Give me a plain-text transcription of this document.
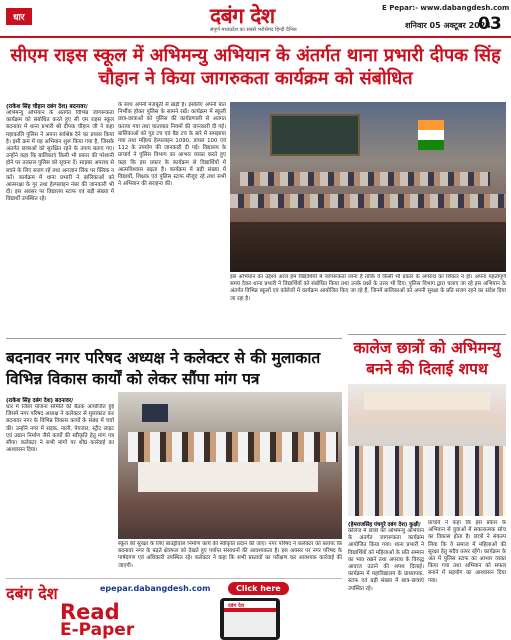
धार	दबंग देश
संपूर्ण मध्यप्रदेश का सबसे भरोसेमंद हिन्दी दैनिक
E Pepar:- www.dabangdesh.com
शनिवार 05 अक्टूबर 2024
03
सीएम राइस स्कूल में अभिमन्यु अभियान के अंतर्गत थाना प्रभारी दीपक सिंह चौहान ने किया जागरुकता कार्यक्रम को संबोधित
(राकेश सिंह चौहान दबंग देश) बदनावर/
अभिमन्यु अभियान के अंतर्गत विभिन्न जागरूकता कार्यक्रम को संबोधित करते हुए सी एम राइस स्कूल बदनावर में थाना प्रभारी श्री दीपक चौहान जी ने कहा महाकालि पुलिस ने अपना सर्वश्रेष्ठ देने का प्रयास किया है। इसी क्रम में यह अभियान शुरू किया गया है, जिसके अंतर्गत छात्राओं को सुरक्षित रहने के उपाय बताए गए। उन्होंने कहा कि बालिकाएं किसी भी प्रकार की परेशानी होने पर तत्काल पुलिस को सूचना दें। साइबर अपराध से बचने के लिए सजग रहें तथा अनजान लिंक पर क्लिक न करें। कार्यक्रम में थाना प्रभारी ने बालिकाओं को आत्मरक्षा के गुर तथा हेल्पलाइन नंबर की जानकारी भी दी। इस अवसर पर विद्यालय स्टाफ एवं बड़ी संख्या में विद्यार्थी उपस्थित रहे।
के साथ अपनी मजबूती से खड़ी है। इसलिए अपनी बात निर्भीक होकर पुलिस के सामने रखें। कार्यक्रम में स्कूली छात्र-छात्राओं को पुलिस की कार्यप्रणाली से अवगत कराया गया तथा यातायात नियमों की जानकारी दी गई। बालिकाओं को गुड टच एवं बैड टच के बारे में समझाया गया तथा महिला हेल्पलाइन 1090, डायल 100 एवं 112 के उपयोग की जानकारी दी गई। विद्यालय के प्राचार्य ने पुलिस विभाग का आभार व्यक्त करते हुए कहा कि इस प्रकार के कार्यक्रम से विद्यार्थियों में आत्मविश्वास बढ़ता है। कार्यक्रम में बड़ी संख्या में विद्यार्थी, शिक्षक एवं पुलिस स्टाफ मौजूद रहे तथा सभी ने अभियान की सराहना की।
इस अभियान का उद्देश्य आज हम विद्यार्थियों में जागरूकता लाना है ताकि वे किसी भी प्रकार के अपराध का शिकार न हों। अपना महत्वपूर्ण समय देकर थाना प्रभारी ने विद्यार्थियों को संबोधित किया तथा उनके प्रश्नों के उत्तर भी दिए। पुलिस विभाग द्वारा चलाए जा रहे इस अभियान के अंतर्गत विभिन्न स्कूलों एवं कॉलेजों में कार्यक्रम आयोजित किए जा रहे हैं, जिनमें बालिकाओं को अपनी सुरक्षा के प्रति सजग रहने का संदेश दिया जा रहा है।
बदनावर नगर परिषद अध्यक्ष ने कलेक्टर से की मुलाकात विभिन्न विकास कार्यों को लेकर सौंपा मांग पत्र
(राकेश सिंह दबंग देश) बदनावर/
धार में जिला योजना समिति की बैठक आयोजित हुई जिसमें नगर परिषद अध्यक्ष ने कलेक्टर से मुलाकात कर बदनावर नगर के विभिन्न विकास कार्यों के संबंध में चर्चा की। उन्होंने नगर में सड़क, नाली, पेयजल, स्ट्रीट लाइट एवं उद्यान निर्माण जैसे कार्यों की स्वीकृति हेतु मांग पत्र सौंपा। कलेक्टर ने सभी मांगों पर शीघ्र कार्रवाई का आश्वासन दिया।
स्कूल की सुरक्षा के लिए बाउंड्रीवाल निर्माण कार्य की स्वीकृति प्रदान की जाए। नगर परिषद ने कलेक्टर को बताया कि बदनावर नगर के बढ़ते क्षेत्रफल को देखते हुए पर्याप्त संसाधनों की आवश्यकता है। इस अवसर पर नगर परिषद के पार्षदगण एवं अधिकारी उपस्थित रहे। कलेक्टर ने कहा कि सभी प्रस्तावों का परीक्षण कर आवश्यक कार्रवाई की जाएगी।
कालेज छात्रों को अभिमन्यु बनने की दिलाई शपथ
(हेमराजसिंह पंचगुरे दबंग देश) कुक्षी/
कॉलेज में छात्रों को अभिमन्यु अभियान के अंतर्गत जागरूकता कार्यक्रम आयोजित किया गया। थाना प्रभारी ने विद्यार्थियों को महिलाओं के प्रति सम्मान का भाव रखने तथा अपराध के विरुद्ध आवाज उठाने की शपथ दिलाई। कार्यक्रम में महाविद्यालय के प्राध्यापक, स्टाफ एवं बड़ी संख्या में छात्र-छात्राएं उपस्थित रहे।
प्राचार्य ने कहा कि इस प्रकार के अभियान से युवाओं में सकारात्मक सोच का विकास होता है। छात्रों ने संकल्प लिया कि वे समाज में महिलाओं की सुरक्षा हेतु सदैव तत्पर रहेंगे। कार्यक्रम के अंत में पुलिस स्टाफ का आभार व्यक्त किया गया तथा अभियान को सफल बनाने में सहयोग का आश्वासन दिया गया।
दबंग देश	epepar.dabangdesh.com	Click here
Read
E-Paper
दबंग देश
